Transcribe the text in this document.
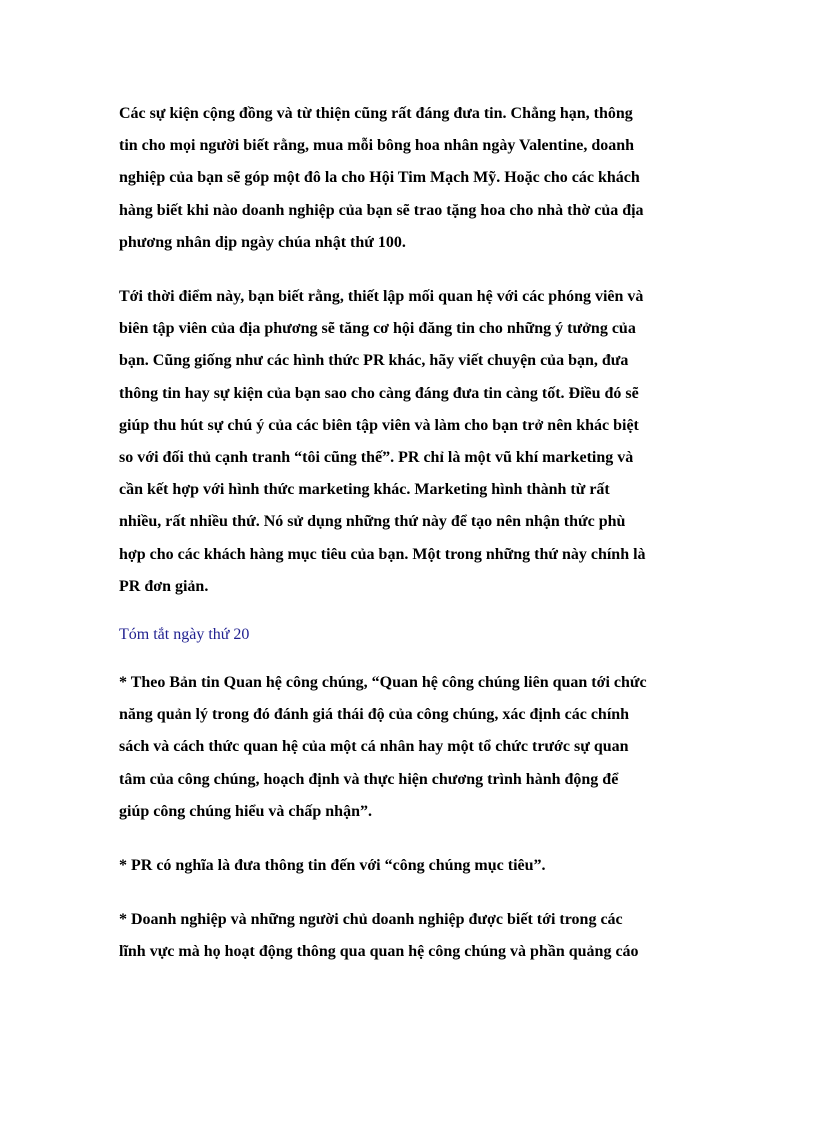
Các sự kiện cộng đồng và từ thiện cũng rất đáng đưa tin. Chẳng hạn, thông
tin cho mọi người biết rằng, mua mỗi bông hoa nhân ngày Valentine, doanh
nghiệp của bạn sẽ góp một đô la cho Hội Tim Mạch Mỹ. Hoặc cho các khách
hàng biết khi nào doanh nghiệp của bạn sẽ trao tặng hoa cho nhà thờ của địa
phương nhân dịp ngày chúa nhật thứ 100.

Tới thời điểm này, bạn biết rằng, thiết lập mối quan hệ với các phóng viên và
biên tập viên của địa phương sẽ tăng cơ hội đăng tin cho những ý tưởng của
bạn. Cũng giống như các hình thức PR khác, hãy viết chuyện của bạn, đưa
thông tin hay sự kiện của bạn sao cho càng đáng đưa tin càng tốt. Điều đó sẽ
giúp thu hút sự chú ý của các biên tập viên và làm cho bạn trở nên khác biệt
so với đối thủ cạnh tranh “tôi cũng thế”. PR chỉ là một vũ khí marketing và
cần kết hợp với hình thức marketing khác. Marketing hình thành từ rất
nhiều, rất nhiều thứ. Nó sử dụng những thứ này để tạo nên nhận thức phù
hợp cho các khách hàng mục tiêu của bạn. Một trong những thứ này chính là
PR đơn giản.

Tóm tắt ngày thứ 20

* Theo Bản tin Quan hệ công chúng, “Quan hệ công chúng liên quan tới chức
năng quản lý trong đó đánh giá thái độ của công chúng, xác định các chính
sách và cách thức quan hệ của một cá nhân hay một tổ chức trước sự quan
tâm của công chúng, hoạch định và thực hiện chương trình hành động để
giúp công chúng hiểu và chấp nhận”.

* PR có nghĩa là đưa thông tin đến với “công chúng mục tiêu”.

* Doanh nghiệp và những người chủ doanh nghiệp được biết tới trong các
lĩnh vực mà họ hoạt động thông qua quan hệ công chúng và phần quảng cáo
